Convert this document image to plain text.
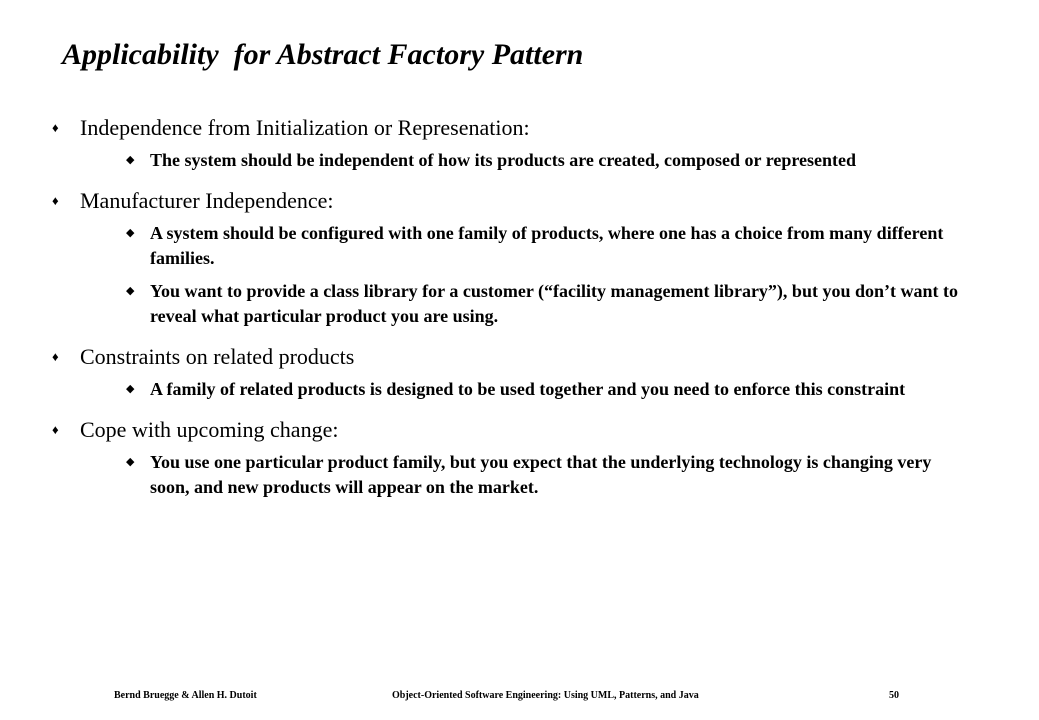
Applicability  for Abstract Factory Pattern
♦ Independence from Initialization or Represenation:
◆ The system should be independent of how its products are created, composed or represented
♦ Manufacturer Independence:
◆ A system should be configured with one family of products, where one has a choice from many different families.
◆ You want to provide a class library for a customer (“facility management library”), but you don’t want to reveal what particular product you are using.
♦ Constraints on related products
◆ A family of related products is designed to be used together and you need to enforce this constraint
♦ Cope with upcoming change:
◆ You use one particular product family, but you expect that the underlying technology is changing very soon, and new products will appear on the market.
Bernd Bruegge & Allen H. Dutoit	Object-Oriented Software Engineering: Using UML, Patterns, and Java	50
